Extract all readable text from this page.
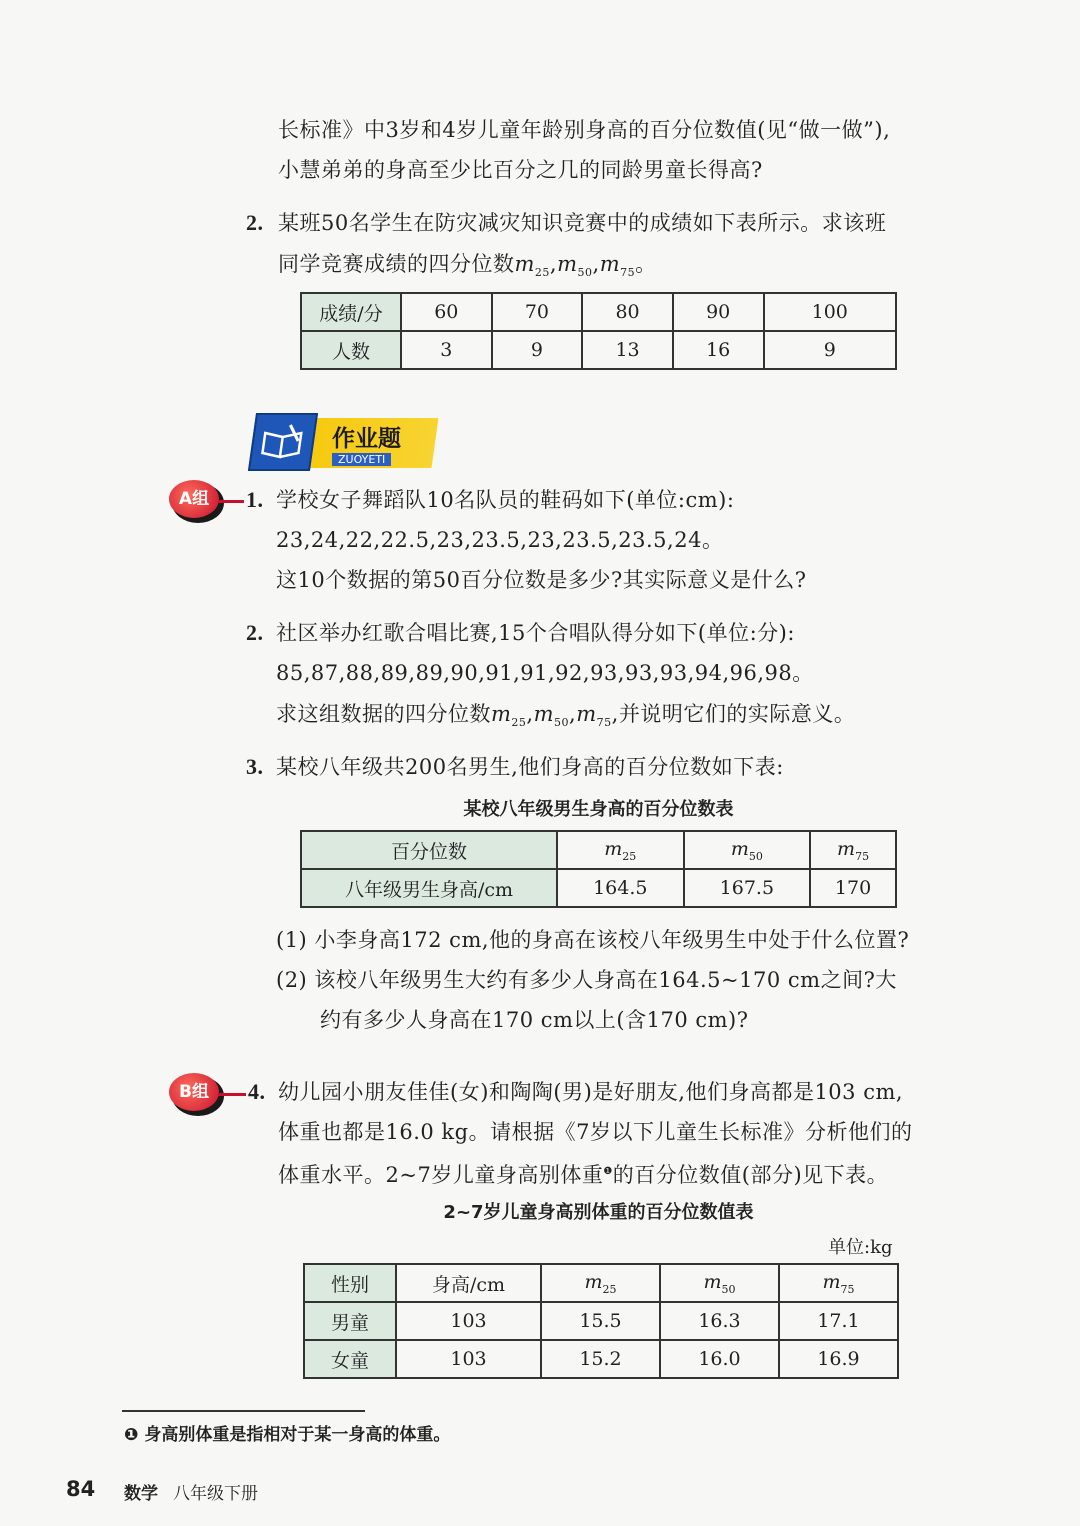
长标准》中3岁和4岁儿童年龄别身高的百分位数值(见“做一做”),
小慧弟弟的身高至少比百分之几的同龄男童长得高?
2. 某班50名学生在防灾减灾知识竞赛中的成绩如下表所示。求该班
同学竞赛成绩的四分位数$m_{25},m_{50},m_{75}$。
成绩/分	60	70	80	90	100
人数	3	9	13	16	9
作业题
ZUOYETI
A组	1. 学校女子舞蹈队10名队员的鞋码如下(单位:cm):
23,24,22,22.5,23,23.5,23,23.5,23.5,24。
这10个数据的第50百分位数是多少?其实际意义是什么?
2. 社区举办红歌合唱比赛,15个合唱队得分如下(单位:分):
85,87,88,89,89,90,91,91,92,93,93,93,94,96,98。
求这组数据的四分位数$m_{25},m_{50},m_{75}$,并说明它们的实际意义。
3. 某校八年级共200名男生,他们身高的百分位数如下表:
某校八年级男生身高的百分位数表
百分位数	$m_{25}$	$m_{50}$	$m_{75}$
八年级男生身高/cm	164.5	167.5	170
(1) 小李身高172 cm,他的身高在该校八年级男生中处于什么位置?
(2) 该校八年级男生大约有多少人身高在164.5~170 cm之间?大
约有多少人身高在170 cm以上(含170 cm)?
B组	4. 幼儿园小朋友佳佳(女)和陶陶(男)是好朋友,他们身高都是103 cm,
体重也都是16.0 kg。请根据《7岁以下儿童生长标准》分析他们的
体重水平。2~7岁儿童身高别体重$^❶$的百分位数值(部分)见下表。
2~7岁儿童身高别体重的百分位数值表
单位:kg
性别	身高/cm	$m_{25}$	$m_{50}$	$m_{75}$
男童	103	15.5	16.3	17.1
女童	103	15.2	16.0	16.9
❶ 身高别体重是指相对于某一身高的体重。
84 数学 八年级下册
